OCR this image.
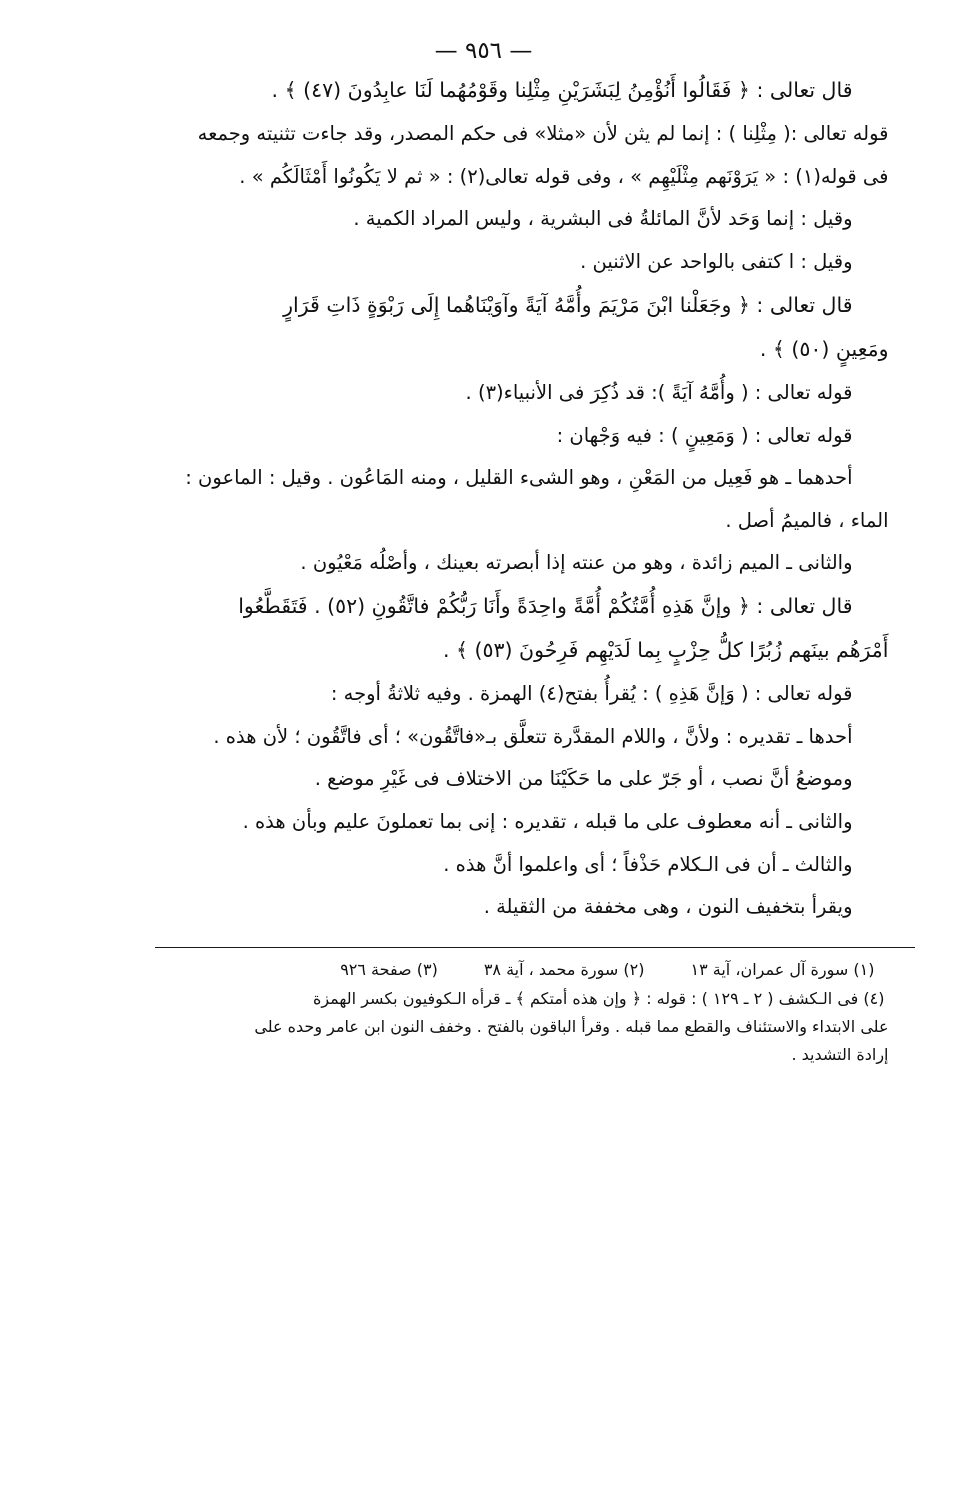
— ٩٥٦ —

قال تعالى : ﴿ فَقَالُوا أَنُؤْمِنُ لِبَشَرَيْنِ مِثْلِنا وقَوْمُهُما لَنَا عابِدُونَ (٤٧) ﴾ .

قوله تعالى :( مِثْلِنا ) : إنما لم يثن لأن «مثلا» فى حكم المصدر، وقد جاءت تثنيته وجمعه

فى قوله(١) : « يَرَوْنَهم مِثْلَيْهِم » ، وفى قوله تعالى(٢) : « ثم لا يَكُونُوا أَمْثَالَكُم » .

وقيل : إنما وَحَد لأنَّ المائلةُ فى البشرية ، وليس المراد الكمية .

وقيل : ا كتفى بالواحد عن الاثنين .

قال تعالى : ﴿ وجَعَلْنا ابْنَ مَرْيَمَ وأُمَّهُ آيَةً وآوَيْنَاهُما إِلَى رَبْوَةٍ ذَاتِ قَرَارٍ

ومَعِينٍ (٥٠) ﴾ .

قوله تعالى : ( وأُمَّهُ آيَةً ): قد ذُكِرَ فى الأنبياء(٣) .

قوله تعالى : ( وَمَعِينٍ ) : فيه وَجْهان :

أحدهما ـ هو فَعِيل من المَعْنِ ، وهو الشىء القليل ، ومنه المَاعُون . وقيل : الماعون :

الماء ، فالميمُ أصل .

والثانى ـ الميم زائدة ، وهو من عنته إذا أبصرته بعينك ، وأصْلُه مَعْيُون .

قال تعالى : ﴿ وإنَّ هَذِهِ أُمَّتُكُمْ أُمَّةً واحِدَةً وأَنَا رَبُّكُمْ فاتَّقُونِ (٥٢) . فَتَقَطَّعُوا

أَمْرَهُم بينَهم زُبُرًا كلُّ حِزْبٍ بِما لَدَيْهِم فَرِحُونَ (٥٣) ﴾ .

قوله تعالى : ( وَإنَّ هَذِهِ ) : يُقرأُ بفتح(٤) الهمزة . وفيه ثلاثةُ أوجه :

أحدها ـ تقديره : ولأنَّ ، واللام المقدَّرة تتعلَّق بـ«فاتَّقُون» ؛ أى فاتَّقُون ؛ لأن هذه .

وموضعُ أنَّ نصب ، أو جَرّ على ما حَكَيْنَا من الاختلاف فى غَيْرِ موضع .

والثانى ـ أنه معطوف على ما قبله ، تقديره : إنى بما تعملونَ عليم وبأن هذه .

والثالث ـ أن فى الـكلام حَذْفاً ؛ أى واعلموا أنَّ هذه .

ويقرأ بتخفيف النون ، وهى مخففة من الثقيلة .

(١) سورة آل عمران، آية ١٣
(٢) سورة محمد ، آية ٣٨
(٣) صفحة ٩٢٦
(٤) فى الـكشف ( ٢ ـ ١٢٩ ) : قوله : ﴿ وإن هذه أمتكم ﴾ ـ قرأه الـكوفيون بكسر الهمزة
على الابتداء والاستئناف والقطع مما قبله . وقرأ الباقون بالفتح . وخفف النون ابن عامر وحده على
إرادة التشديد .
